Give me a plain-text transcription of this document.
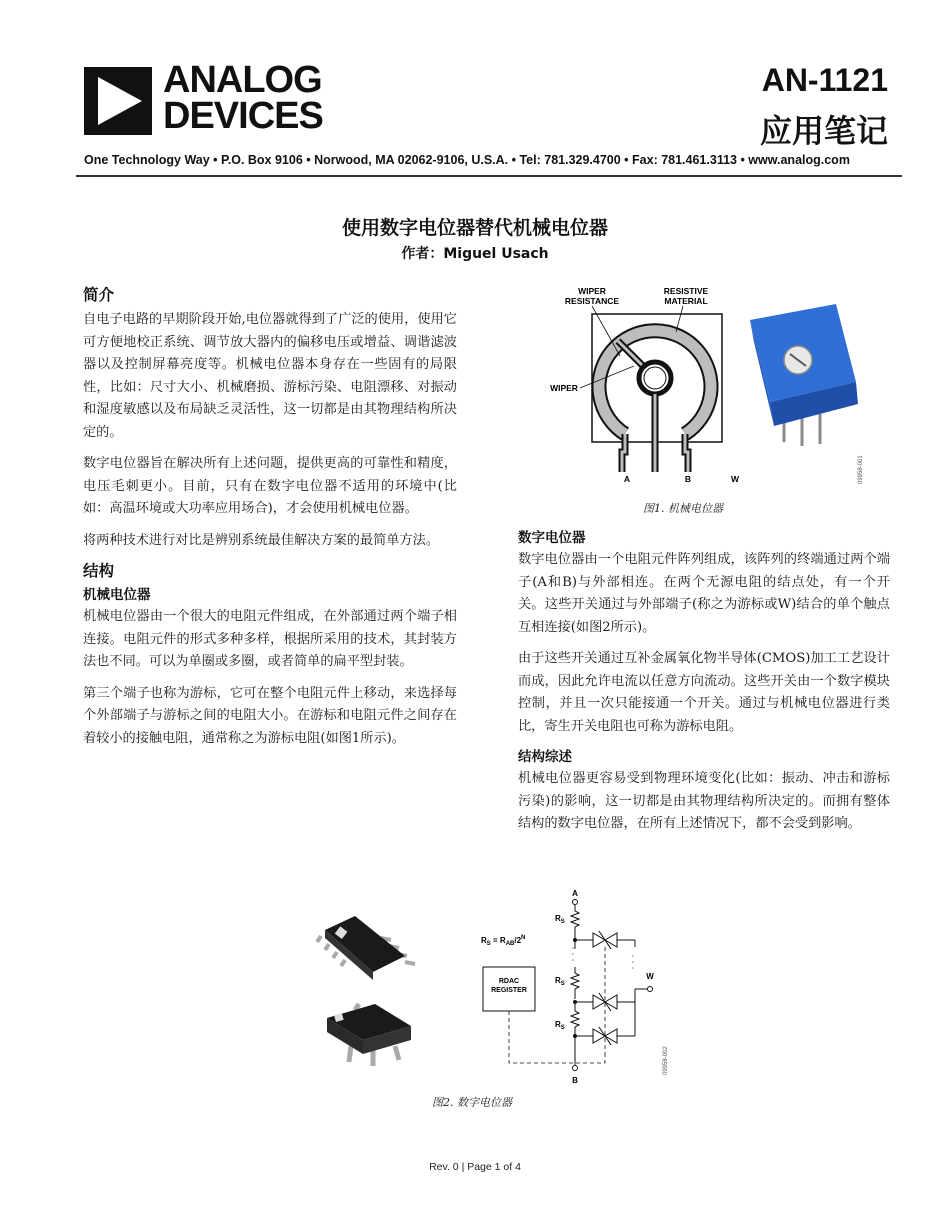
ANALOG
DEVICES
AN-1121
应用笔记
One Technology Way • P.O. Box 9106 • Norwood, MA 02062-9106, U.S.A. • Tel: 781.329.4700 • Fax: 781.461.3113 • www.analog.com
使用数字电位器替代机械电位器
作者：Miguel Usach
简介

自电子电路的早期阶段开始,电位器就得到了广泛的使用，使用它可方便地校正系统、调节放大器内的偏移电压或增益、调谐滤波器以及控制屏幕亮度等。机械电位器本身存在一些固有的局限性，比如：尺寸大小、机械磨损、游标污染、电阻漂移、对振动和湿度敏感以及布局缺乏灵活性，这一切都是由其物理结构所决定的。

数字电位器旨在解决所有上述问题，提供更高的可靠性和精度，电压毛刺更小。目前，只有在数字电位器不适用的环境中(比如：高温环境或大功率应用场合)，才会使用机械电位器。

将两种技术进行对比是辨别系统最佳解决方案的最简单方法。

结构
机械电位器

机械电位器由一个很大的电阻元件组成，在外部通过两个端子相连接。电阻元件的形式多种多样，根据所采用的技术，其封装方法也不同。可以为单圈或多圈，或者简单的扁平型封装。

第三个端子也称为游标，它可在整个电阻元件上移动，来选择每个外部端子与游标之间的电阻大小。在游标和电阻元件之间存在着较小的接触电阻，通常称之为游标电阻(如图1所示)。

WIPER
RESISTANCE
RESISTIVE
MATERIAL
WIPER
A	B	W	09958-001
图1. 机械电位器
数字电位器

数字电位器由一个电阻元件阵列组成，该阵列的终端通过两个端子(A和B)与外部相连。在两个无源电阻的结点处，有一个开关。这些开关通过与外部端子(称之为游标或W)结合的单个触点互相连接(如图2所示)。

由于这些开关通过互补金属氧化物半导体(CMOS)加工工艺设计而成，因此允许电流以任意方向流动。这些开关由一个数字模块控制，并且一次只能接通一个开关。通过与机械电位器进行类比，寄生开关电阻也可称为游标电阻。

结构综述

机械电位器更容易受到物理环境变化(比如：振动、冲击和游标污染)的影响，这一切都是由其物理结构所决定的。而拥有整体结构的数字电位器，在所有上述情况下，都不会受到影响。

A
•
•
•
B
$R_S$
$R_S$
$R_S$
•
•
•
W
$R_S = R_{AB}/2^N$
RDAC
REGISTER
09958-002
图2. 数字电位器
Rev. 0 | Page 1 of 4
